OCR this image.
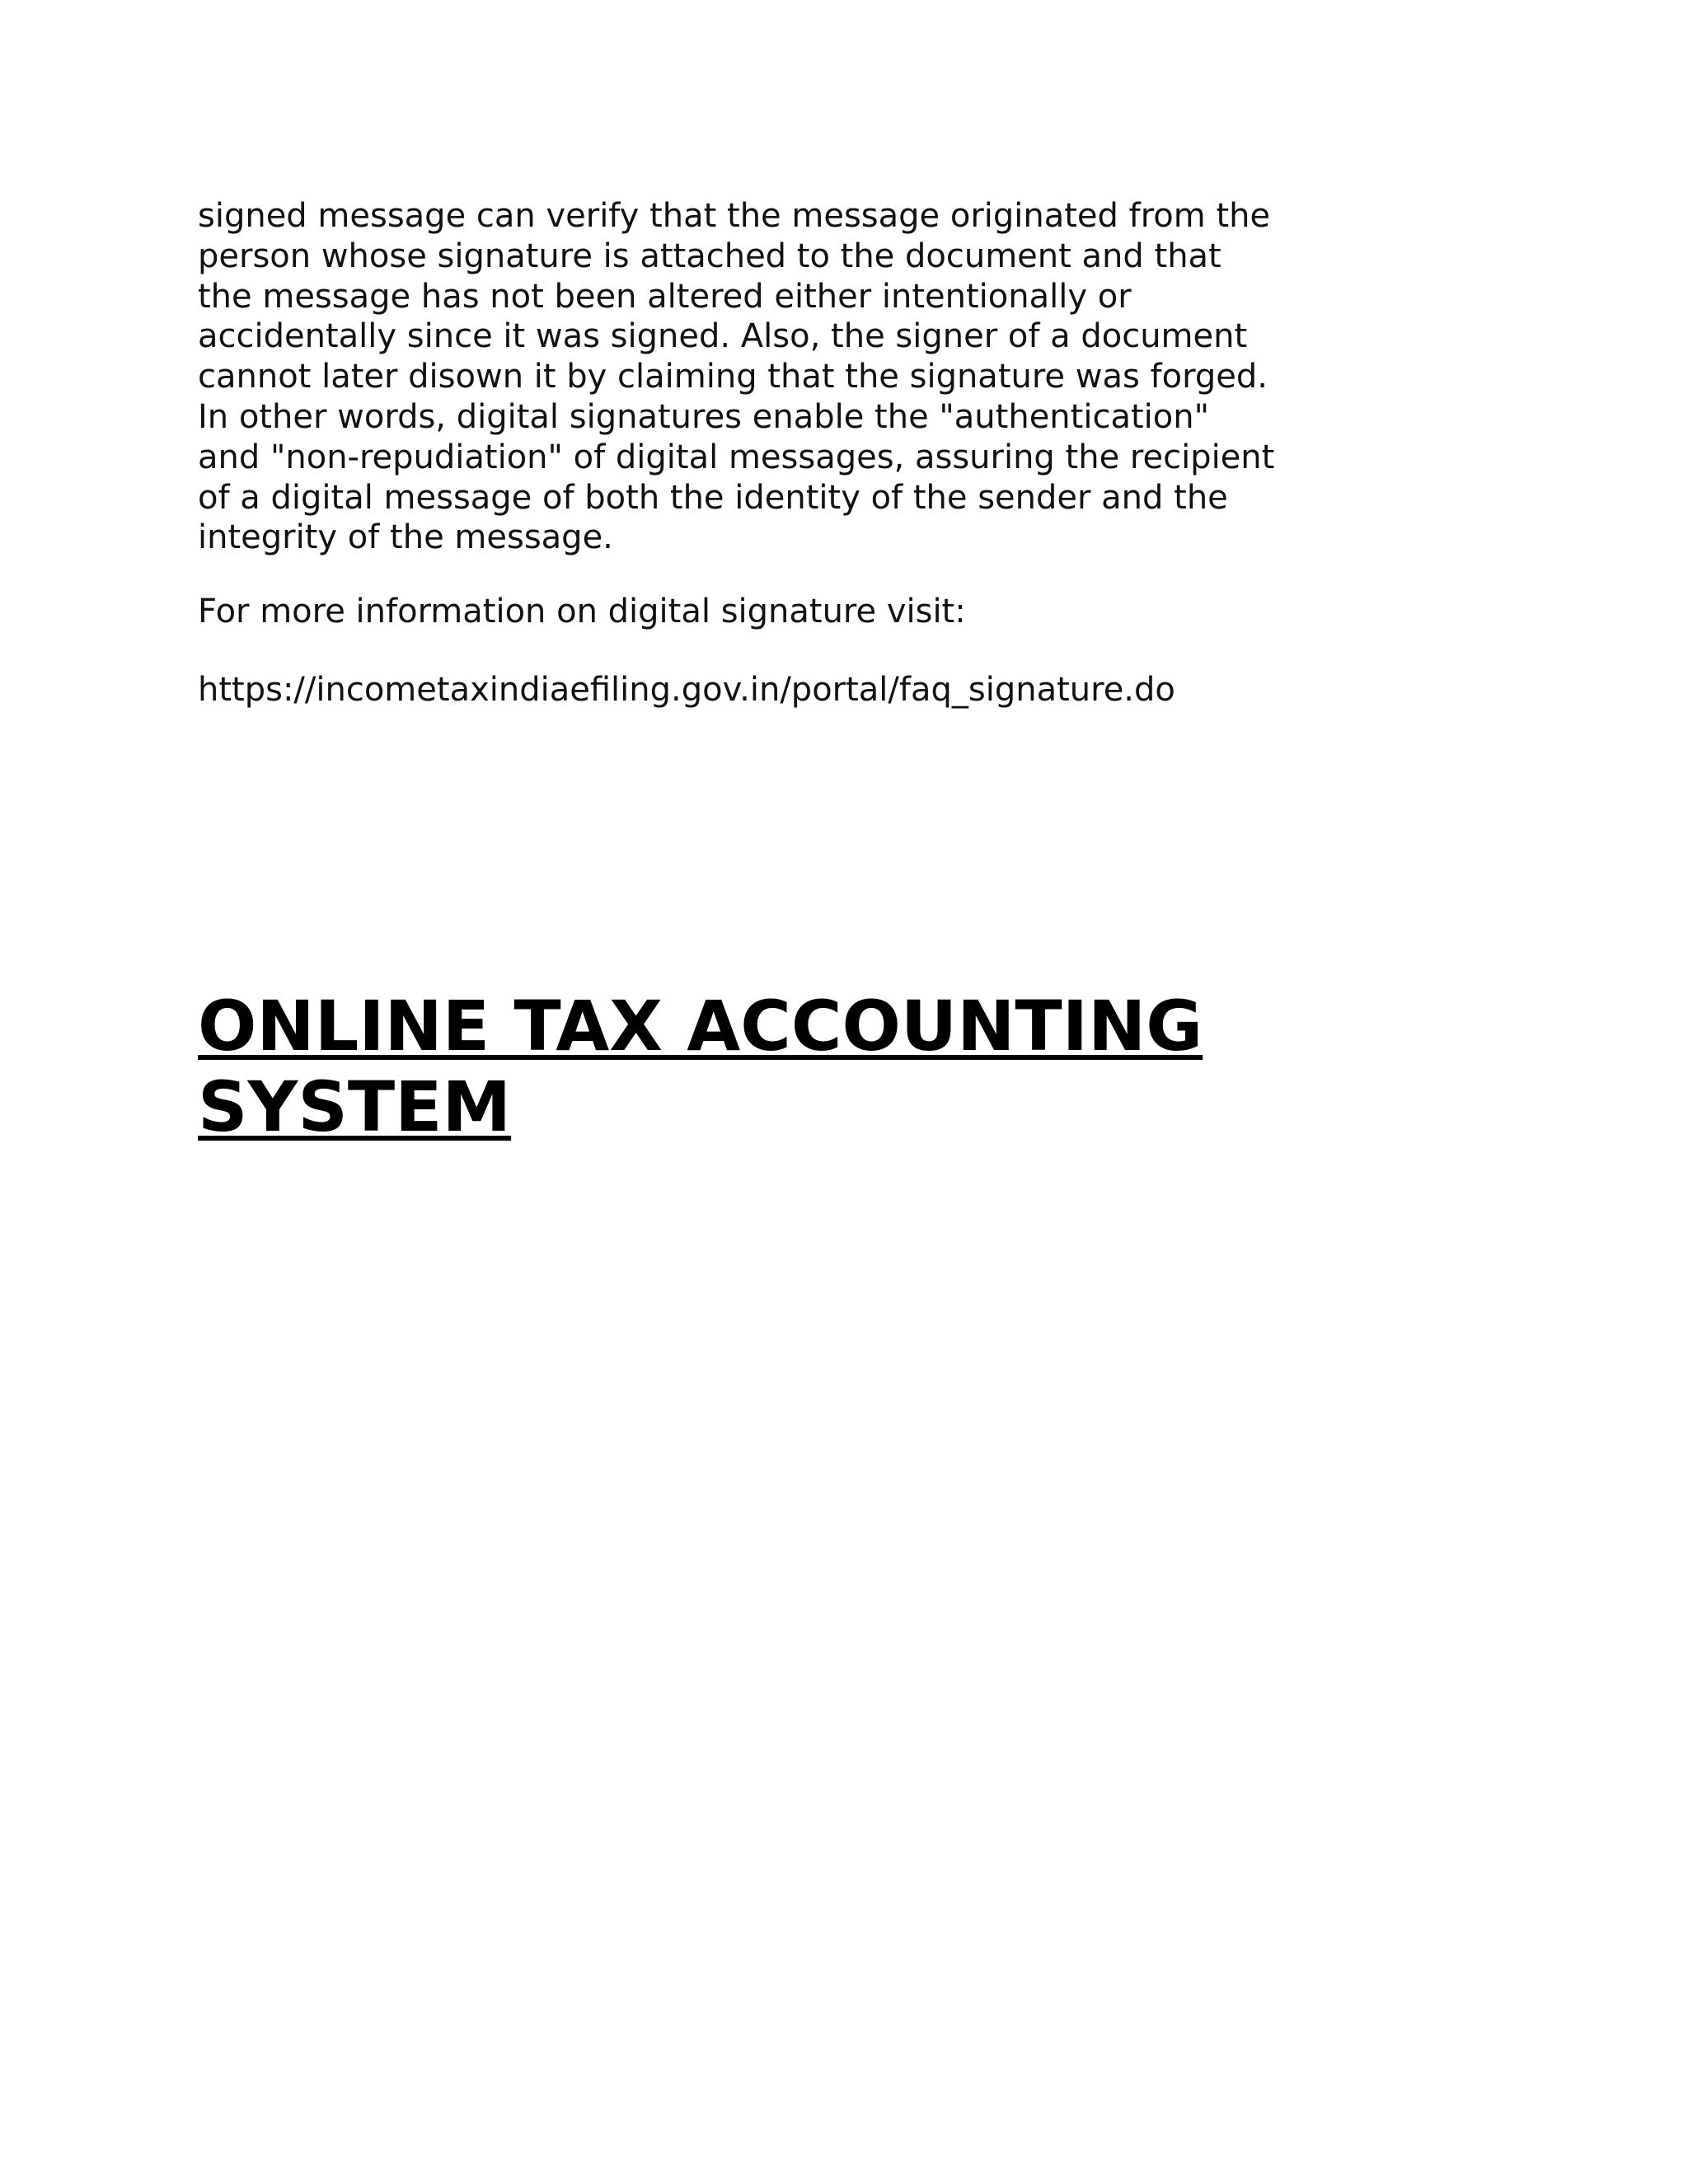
signed message can verify that the message originated from the
person whose signature is attached to the document and that
the message has not been altered either intentionally or
accidentally since it was signed. Also, the signer of a document
cannot later disown it by claiming that the signature was forged.
In other words, digital signatures enable the "authentication"
and "non-repudiation" of digital messages, assuring the recipient
of a digital message of both the identity of the sender and the
integrity of the message.

For more information on digital signature visit:

https://incometaxindiaefiling.gov.in/portal/faq_signature.do

ONLINE TAX ACCOUNTING
SYSTEM
